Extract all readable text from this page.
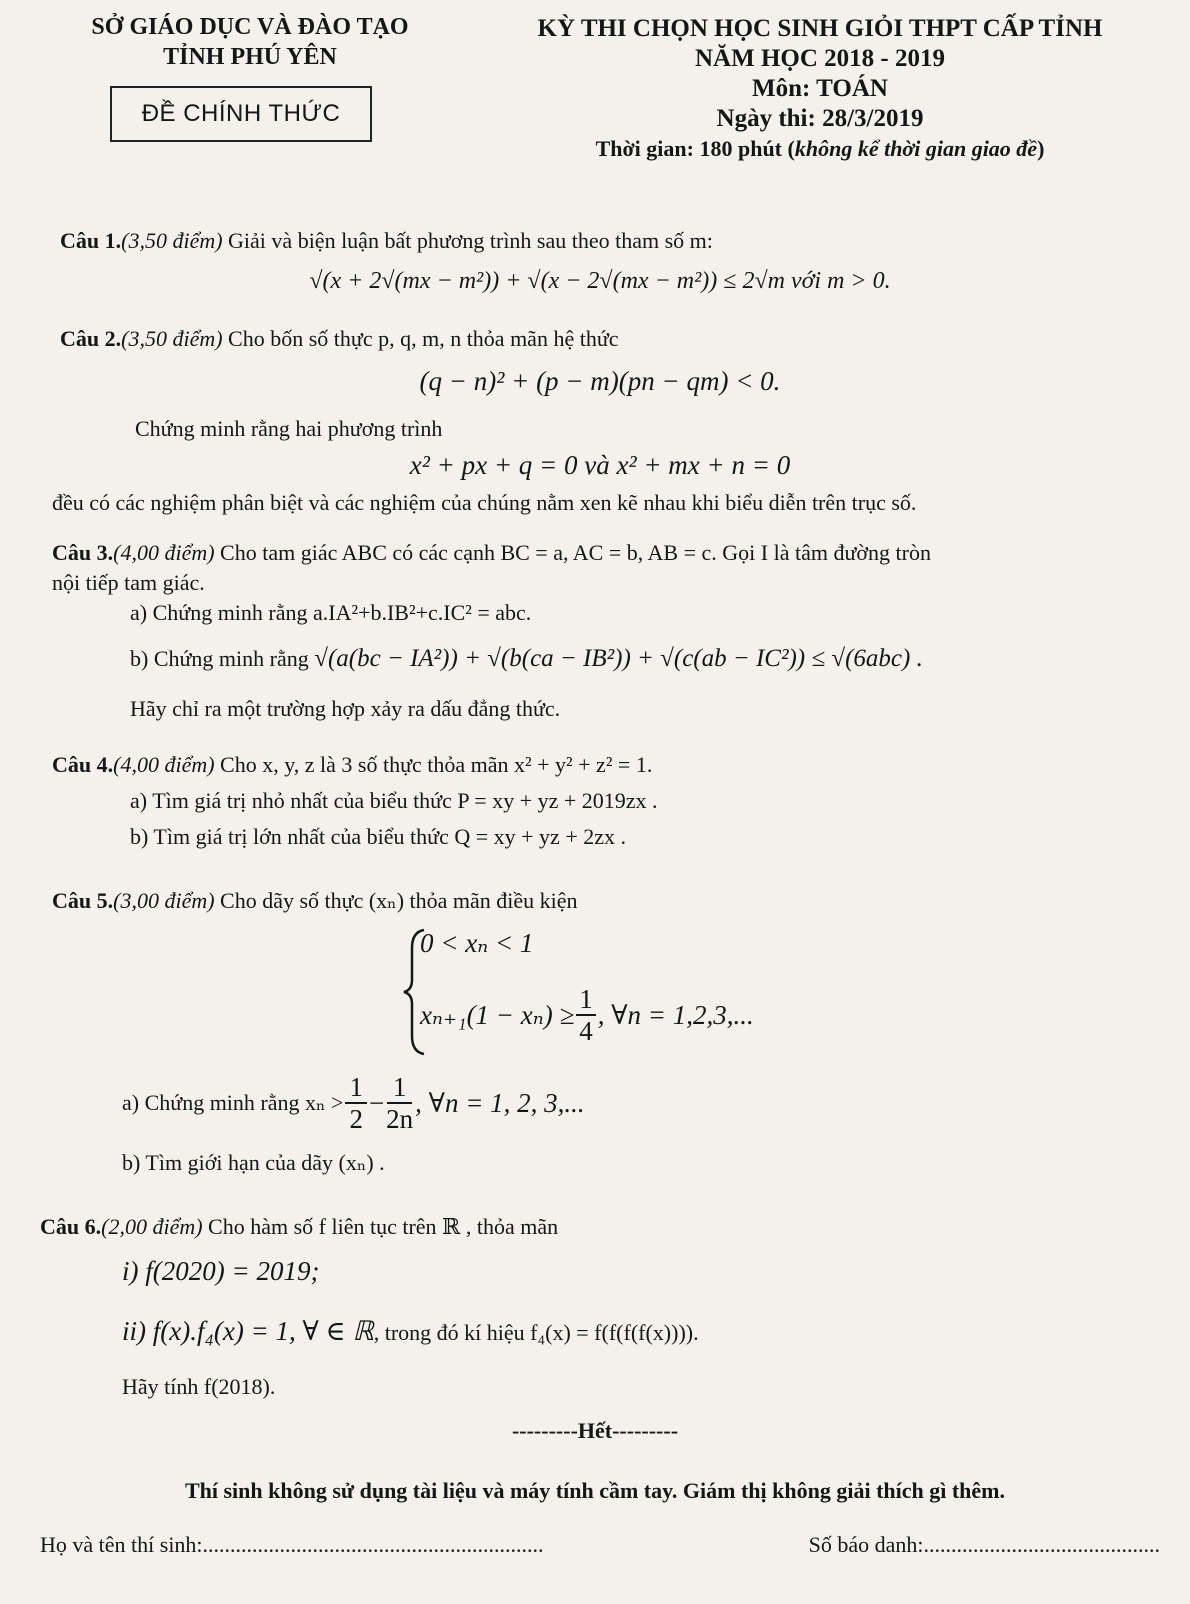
SỞ GIÁO DỤC VÀ ĐÀO TẠO
TỈNH PHÚ YÊN
ĐỀ CHÍNH THỨC
KỲ THI CHỌN HỌC SINH GIỎI THPT CẤP TỈNH
NĂM HỌC 2018 - 2019
Môn: TOÁN
Ngày thi: 28/3/2019
Thời gian: 180 phút (không kể thời gian giao đề)
Câu 1.(3,50 điểm) Giải và biện luận bất phương trình sau theo tham số m:
√(x + 2√(mx − m²)) + √(x − 2√(mx − m²)) ≤ 2√m với m > 0.
Câu 2.(3,50 điểm) Cho bốn số thực p, q, m, n thỏa mãn hệ thức
(q − n)² + (p − m)(pn − qm) < 0.
Chứng minh rằng hai phương trình
x² + px + q = 0 và x² + mx + n = 0
đều có các nghiệm phân biệt và các nghiệm của chúng nằm xen kẽ nhau khi biểu diễn trên trục số.
Câu 3.(4,00 điểm) Cho tam giác ABC có các cạnh BC = a, AC = b, AB = c. Gọi I là tâm đường tròn
nội tiếp tam giác.
a) Chứng minh rằng a.IA²+b.IB²+c.IC² = abc.
b) Chứng minh rằng √(a(bc − IA²)) + √(b(ca − IB²)) + √(c(ab − IC²)) ≤ √(6abc) .
Hãy chỉ ra một trường hợp xảy ra dấu đẳng thức.
Câu 4.(4,00 điểm) Cho x, y, z là 3 số thực thỏa mãn x² + y² + z² = 1.
a) Tìm giá trị nhỏ nhất của biểu thức P = xy + yz + 2019zx .
b) Tìm giá trị lớn nhất của biểu thức Q = xy + yz + 2zx .
Câu 5.(3,00 điểm) Cho dãy số thực (xₙ) thỏa mãn điều kiện
0 < xₙ < 1
$x_{n+1}(1 - x_n) \ge \frac{1}{4}$ , ∀n = 1,2,3,...
a) Chứng minh rằng $x_n > \frac{1}{2} - \frac{1}{2n}$ , ∀n = 1, 2, 3,...
b) Tìm giới hạn của dãy (xₙ) .
Câu 6.(2,00 điểm) Cho hàm số f liên tục trên ℝ , thỏa mãn
i) f(2020) = 2019;
ii) f(x).f₄(x) = 1, ∀ ∈ ℝ, trong đó kí hiệu f₄(x) = f(f(f(f(x)))).
Hãy tính f(2018).
---------Hết---------
Thí sinh không sử dụng tài liệu và máy tính cầm tay. Giám thị không giải thích gì thêm.
Họ và tên thí sinh:..............................................................	Số báo danh:...........................................
